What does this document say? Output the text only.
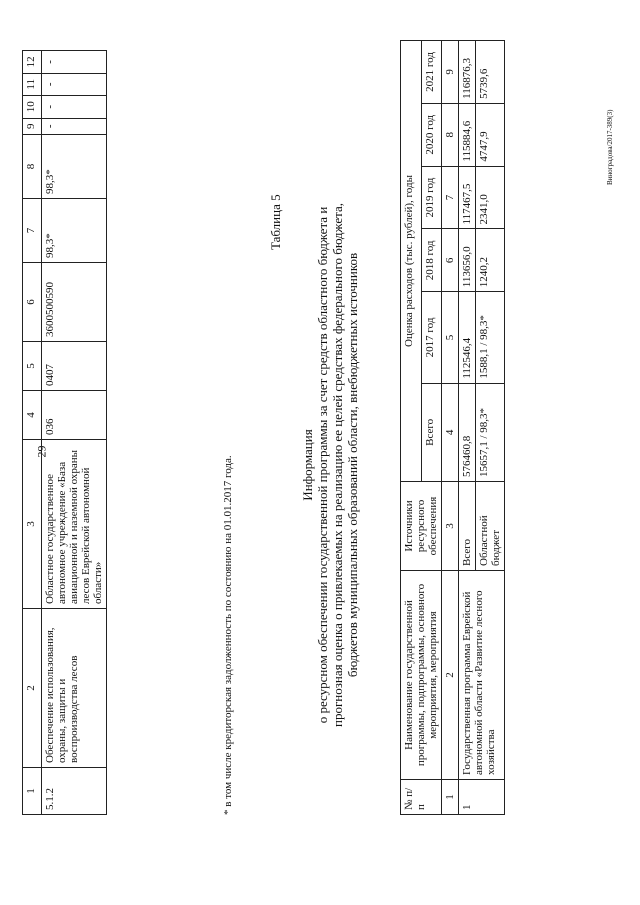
29
1	2	3	4	5	6	7	8	9	10	11	12
5.1.2	Обеспечение использования, охраны, защиты и воспроизводства лесов	Областное государственное автономное учреждение «База авиационной и наземной охраны лесов Еврейской автономной области»	036	0407	3600500590	98,3*	98,3*	-	-	-	-
* в том числе кредиторская задолженность по состоянию на 01.01.2017 года.
Таблица 5
Информация о ресурсном обеспечении государственной программы за счет средств областного бюджета и прогнозная оценка о привлекаемых на реализацию ее целей средствах федерального бюджета, бюджетов муниципальных образований области, внебюджетных источников
№ п/п	Наименование государственной программы, подпрограммы, основного мероприятия, мероприятия	Источники ресурсного обеспечения	Оценка расходов (тыс. рублей), годы					
			Всего	2017 год	2018 год	2019 год	2020 год	2021 год
1	2	3	4	5	6	7	8	9
1	Государственная программа Еврейской автономной области «Развитие лесного хозяйства	Всего	576460,8	112546,4	113656,0	117467,5	115884,6	116876,3
		Областной бюджет	15657,1 / 98,3*	1588,1 / 98,3*	1240,2	2341,0	4747,9	5739,6
Виноградова/2017-389(3)
